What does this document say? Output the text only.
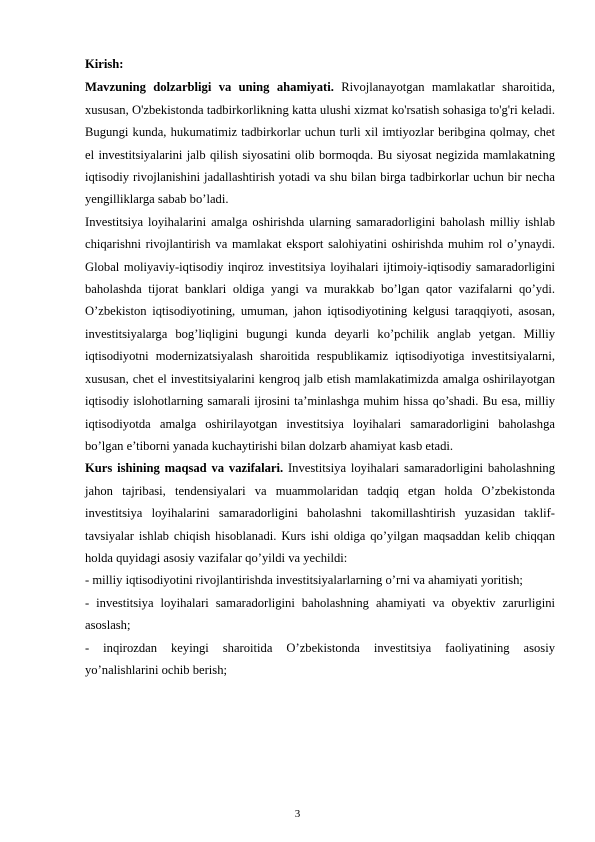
Kirish:

Mavzuning dolzarbligi va uning ahamiyati. Rivojlanayotgan mamlakatlar sharoitida, xususan, O'zbekistonda tadbirkorlikning katta ulushi xizmat ko'rsatish sohasiga to'g'ri keladi. Bugungi kunda, hukumatimiz tadbirkorlar uchun turli xil imtiyozlar beribgina qolmay, chet el investitsiyalarini jalb qilish siyosatini olib bormoqda. Bu siyosat negizida mamlakatning iqtisodiy rivojlanishini jadallashtirish yotadi va shu bilan birga tadbirkorlar uchun bir necha yengilliklarga sabab bo’ladi.

Investitsiya loyihalarini amalga oshirishda ularning samaradorligini baholash milliy ishlab chiqarishni rivojlantirish va mamlakat eksport salohiyatini oshirishda muhim rol o’ynaydi. Global moliyaviy-iqtisodiy inqiroz investitsiya loyihalari ijtimoiy-iqtisodiy samaradorligini baholashda tijorat banklari oldiga yangi va murakkab bo’lgan qator vazifalarni qo’ydi. O’zbekiston iqtisodiyotining, umuman, jahon iqtisodiyotining kelgusi taraqqiyoti, asosan, investitsiyalarga bog’liqligini bugungi kunda deyarli ko’pchilik anglab yetgan. Milliy iqtisodiyotni modernizatsiyalash sharoitida respublikamiz iqtisodiyotiga investitsiyalarni, xususan, chet el investitsiyalarini kengroq jalb etish mamlakatimizda amalga oshirilayotgan iqtisodiy islohotlarning samarali ijrosini ta’minlashga muhim hissa qo’shadi. Bu esa, milliy iqtisodiyotda amalga oshirilayotgan investitsiya loyihalari samaradorligini baholashga bo’lgan e’tiborni yanada kuchaytirishi bilan dolzarb ahamiyat kasb etadi.

Kurs ishining maqsad va vazifalari. Investitsiya loyihalari samaradorligini baholashning jahon tajribasi, tendensiyalari va muammolaridan tadqiq etgan holda O’zbekistonda investitsiya loyihalarini samaradorligini baholashni takomillashtirish yuzasidan taklif-tavsiyalar ishlab chiqish hisoblanadi. Kurs ishi oldiga qo’yilgan maqsaddan kelib chiqqan holda quyidagi asosiy vazifalar qo’yildi va yechildi:

- milliy iqtisodiyotini rivojlantirishda investitsiyalarlarning o’rni va ahamiyati yoritish;

- investitsiya loyihalari samaradorligini baholashning ahamiyati va obyektiv zarurligini asoslash;

- inqirozdan keyingi sharoitida O’zbekistonda investitsiya faoliyatining asosiy yo’nalishlarini ochib berish;

3
